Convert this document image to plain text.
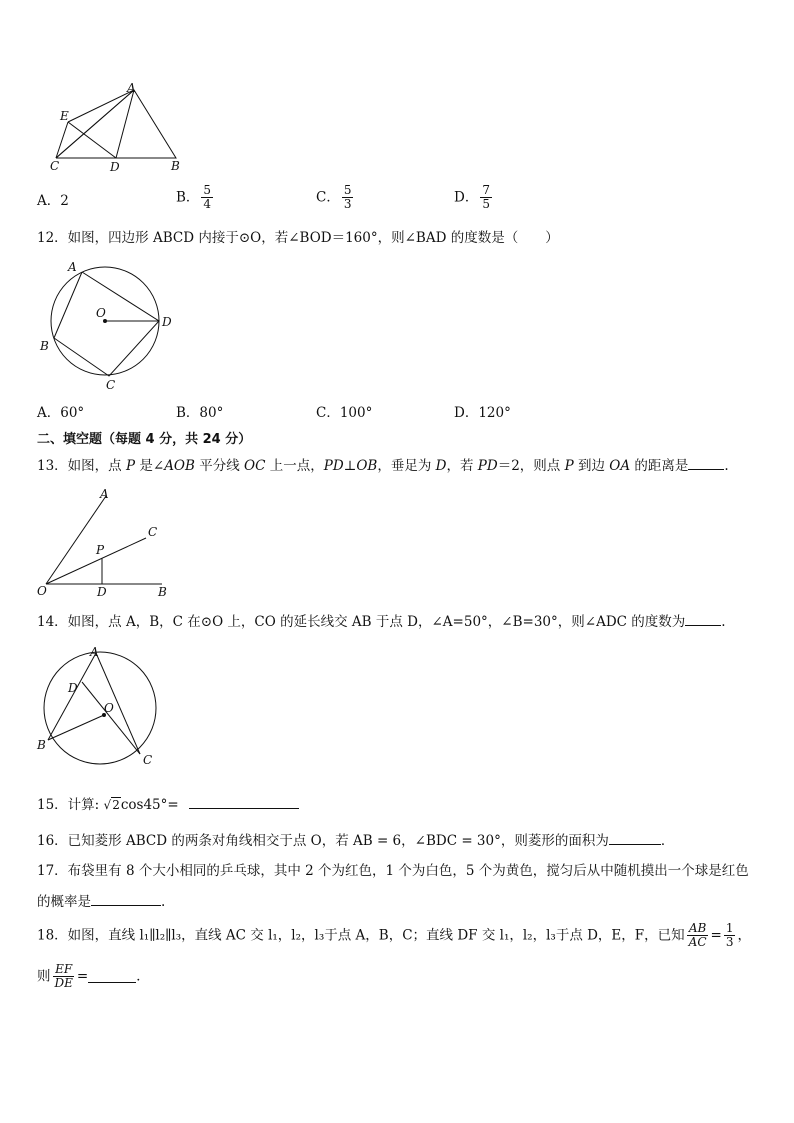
A
E
C	D	B
A．2	B． $\frac{5}{4}$	C． $\frac{5}{3}$	D． $\frac{7}{5}$
12．如图，四边形 ABCD 内接于⊙O，若∠BOD＝160°，则∠BAD 的度数是（　　）
A
O
D
B
C
A．60°	B．80°	C．100°	D．120°
二、填空题（每题 4 分，共 24 分）
13．如图，点 P 是∠AOB 平分线 OC 上一点，PD⊥OB，垂足为 D，若 PD＝2，则点 P 到边 OA 的距离是	.
A
C
P
O	D	B
14．如图，点 A，B，C 在⊙O 上，CO 的延长线交 AB 于点 D，∠A=50°，∠B=30°，则∠ADC 的度数为	.
A
D
O
B
C
15．计算: √2cos45°=
16．已知菱形 ABCD 的两条对角线相交于点 O，若 AB = 6，∠BDC = 30°，则菱形的面积为	．
17．布袋里有 8 个大小相同的乒乓球，其中 2 个为红色，1 个为白色，5 个为黄色，搅匀后从中随机摸出一个球是红色
的概率是	.
18．如图，直线 l₁∥l₂∥l₃，直线 AC 交 l₁，l₂，l₃于点 A，B，C；直线 DF 交 l₁，l₂，l₃于点 D，E，F，已知 $\frac{AB}{AC} = \frac{1}{3}$ ，
则 $\frac{EF}{DE}$ =	．
